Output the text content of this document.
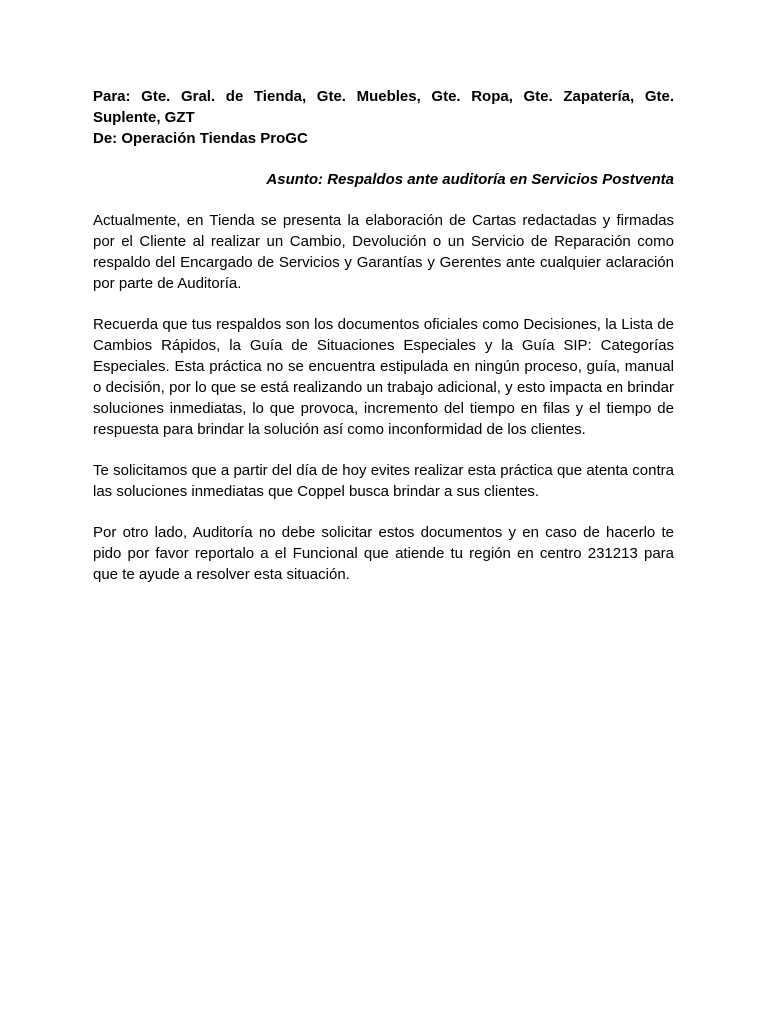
Para: Gte. Gral. de Tienda, Gte. Muebles, Gte. Ropa, Gte. Zapatería, Gte. Suplente, GZT

De: Operación Tiendas ProGC

Asunto: Respaldos ante auditoría en Servicios Postventa

Actualmente, en Tienda se presenta la elaboración de Cartas redactadas y firmadas por el Cliente al realizar un Cambio, Devolución o un Servicio de Reparación como respaldo del Encargado de Servicios y Garantías y Gerentes ante cualquier aclaración por parte de Auditoría.

Recuerda que tus respaldos son los documentos oficiales como Decisiones, la Lista de Cambios Rápidos, la Guía de Situaciones Especiales y la Guía SIP: Categorías Especiales. Esta práctica no se encuentra estipulada en ningún proceso, guía, manual o decisión, por lo que se está realizando un trabajo adicional, y esto impacta en brindar soluciones inmediatas, lo que provoca, incremento del tiempo en filas y el tiempo de respuesta para brindar la solución así como inconformidad de los clientes.

Te solicitamos que a partir del día de hoy evites realizar esta práctica que atenta contra las soluciones inmediatas que Coppel busca brindar a sus clientes.

Por otro lado, Auditoría no debe solicitar estos documentos y en caso de hacerlo te pido por favor reportalo a el Funcional que atiende tu región en centro 231213 para que te ayude a resolver esta situación.
